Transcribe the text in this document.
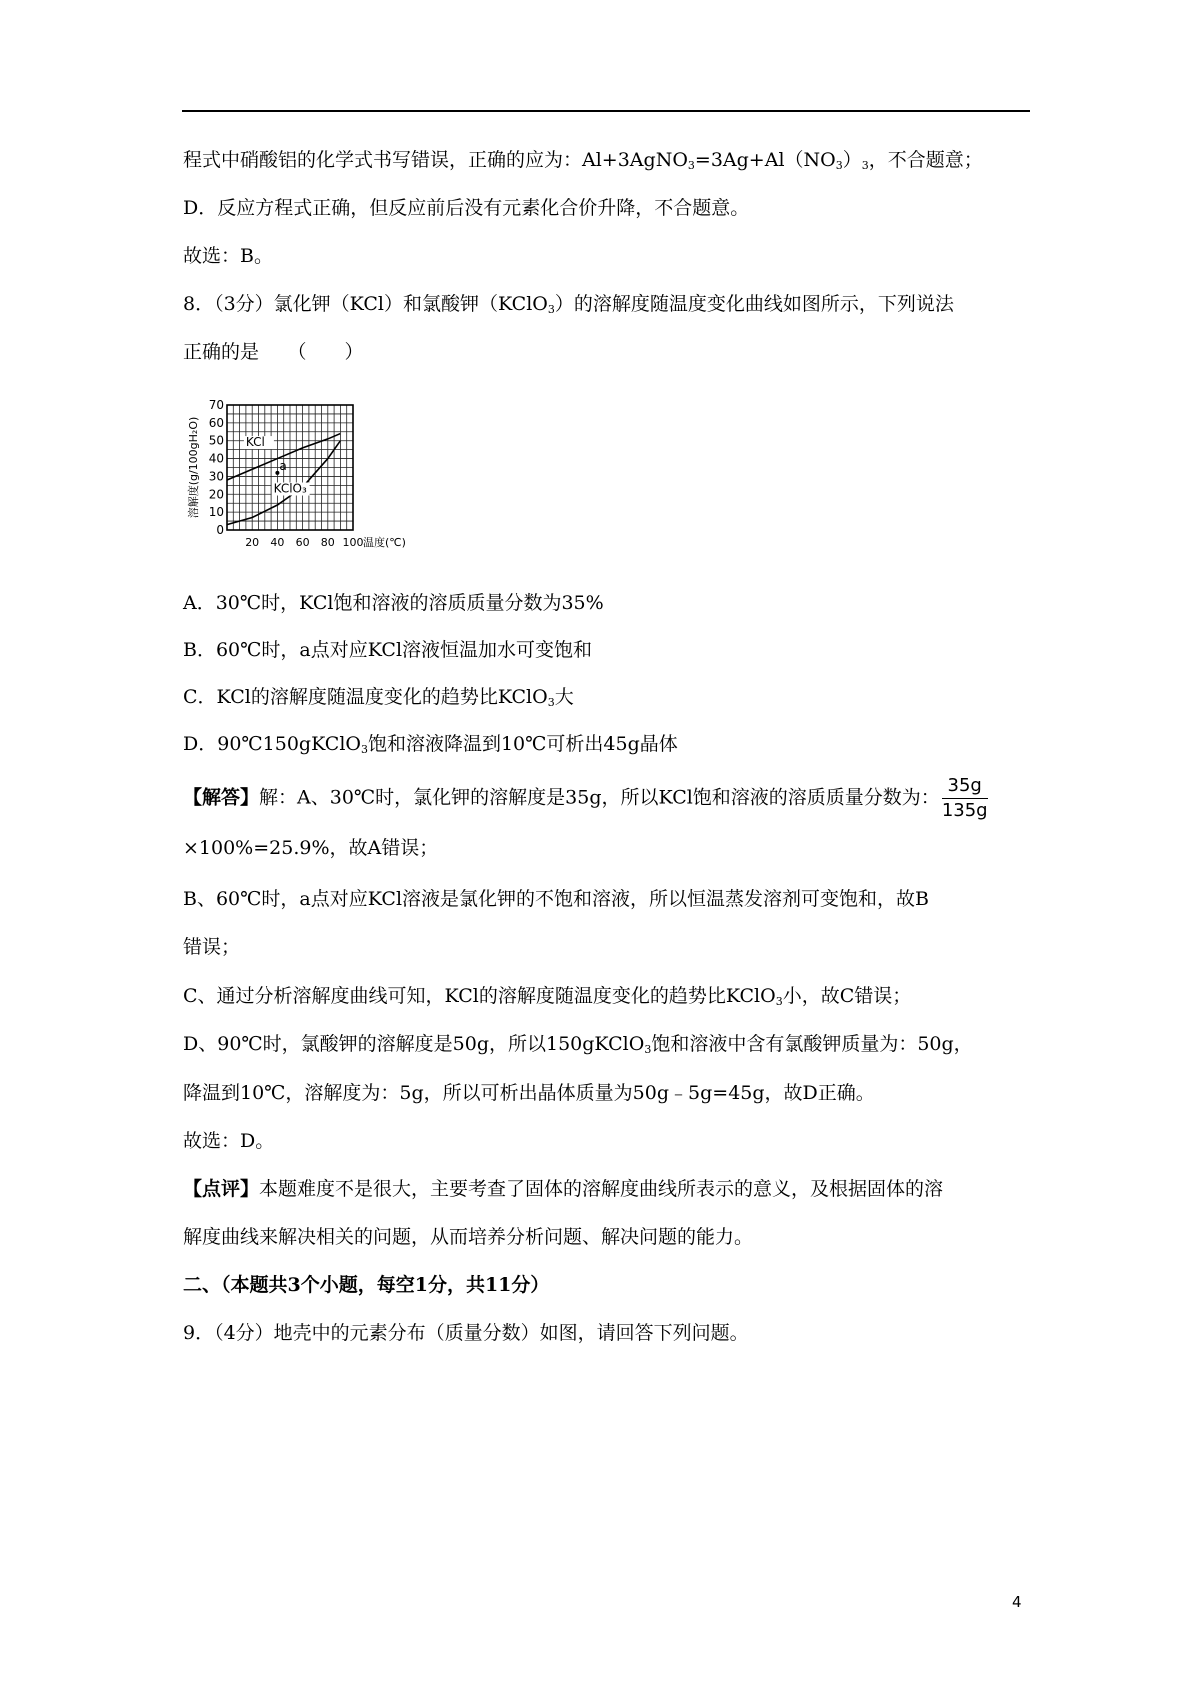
程式中硝酸铝的化学式书写错误，正确的应为：$Al+3AgNO_3=3Ag+Al(NO_3)_3$，不合题意；
D．反应方程式正确，但反应前后没有元素化合价升降，不合题意。
故选：B。
8．（3分）氯化钾（KCl）和氯酸钾（KClO$_3$）的溶解度随温度变化曲线如图所示，下列说法
正确的是　　（　　）
0
10
20
30
40
50
60
70
20 40 60 80 100 温度(℃)
溶解度(g/100gH₂O)	KCl
KClO₃
a
A．30℃时，KCl饱和溶液的溶质质量分数为35%
B．60℃时，a点对应KCl溶液恒温加水可变饱和
C．KCl的溶解度随温度变化的趋势比KClO$_3$大
D．90℃150gKClO$_3$饱和溶液降温到10℃可析出45g晶体
【解答】解：A、30℃时，氯化钾的溶解度是35g，所以KCl饱和溶液的溶质质量分数为： $\frac{35g}{135g}$
×100%=25.9%，故A错误；
B、60℃时，a点对应KCl溶液是氯化钾的不饱和溶液，所以恒温蒸发溶剂可变饱和，故B
错误；
C、通过分析溶解度曲线可知，KCl的溶解度随温度变化的趋势比KClO$_3$小，故C错误；
D、90℃时，氯酸钾的溶解度是50g，所以150gKClO$_3$饱和溶液中含有氯酸钾质量为：50g，
降温到10℃，溶解度为：5g，所以可析出晶体质量为50g﹣5g=45g，故D正确。
故选：D。
【点评】本题难度不是很大，主要考查了固体的溶解度曲线所表示的意义，及根据固体的溶
解度曲线来解决相关的问题，从而培养分析问题、解决问题的能力。
二、（本题共3个小题，每空1分，共11分）
9．（4分）地壳中的元素分布（质量分数）如图，请回答下列问题。
4
